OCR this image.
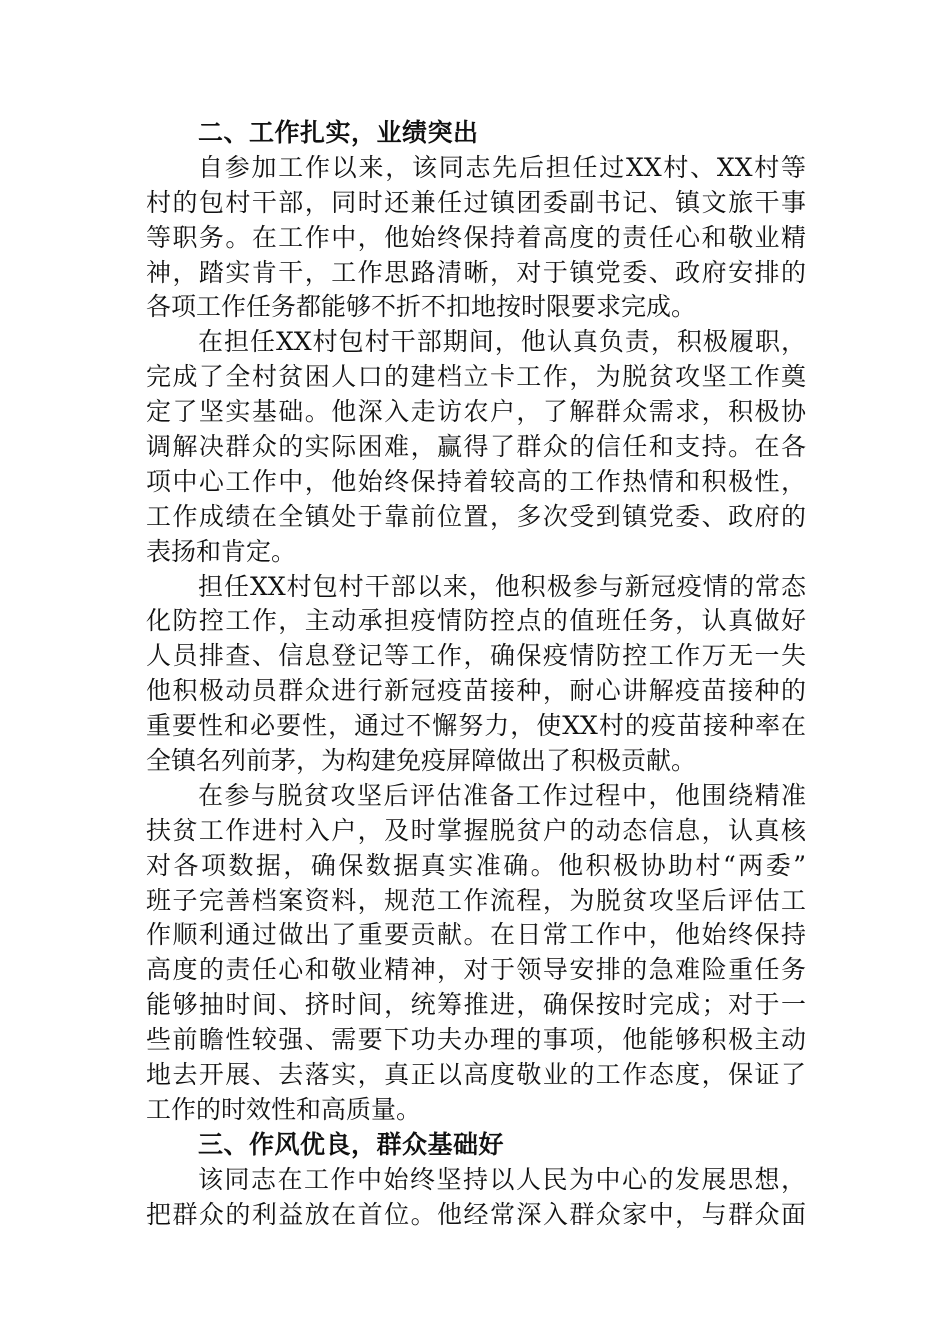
二、工作扎实，业绩突出
自参加工作以来，该同志先后担任过XX村、XX村等
村的包村干部，同时还兼任过镇团委副书记、镇文旅干事
等职务。在工作中，他始终保持着高度的责任心和敬业精
神，踏实肯干，工作思路清晰，对于镇党委、政府安排的
各项工作任务都能够不折不扣地按时限要求完成。
在担任XX村包村干部期间，他认真负责，积极履职，
完成了全村贫困人口的建档立卡工作，为脱贫攻坚工作奠
定了坚实基础。他深入走访农户，了解群众需求，积极协
调解决群众的实际困难，赢得了群众的信任和支持。在各
项中心工作中，他始终保持着较高的工作热情和积极性，
工作成绩在全镇处于靠前位置，多次受到镇党委、政府的
表扬和肯定。
担任XX村包村干部以来，他积极参与新冠疫情的常态
化防控工作，主动承担疫情防控点的值班任务，认真做好
人员排查、信息登记等工作，确保疫情防控工作万无一失
他积极动员群众进行新冠疫苗接种，耐心讲解疫苗接种的
重要性和必要性，通过不懈努力，使XX村的疫苗接种率在
全镇名列前茅，为构建免疫屏障做出了积极贡献。
在参与脱贫攻坚后评估准备工作过程中，他围绕精准
扶贫工作进村入户，及时掌握脱贫户的动态信息，认真核
对各项数据，确保数据真实准确。他积极协助村“两委”
班子完善档案资料，规范工作流程，为脱贫攻坚后评估工
作顺利通过做出了重要贡献。在日常工作中，他始终保持
高度的责任心和敬业精神，对于领导安排的急难险重任务
能够抽时间、挤时间，统筹推进，确保按时完成；对于一
些前瞻性较强、需要下功夫办理的事项，他能够积极主动
地去开展、去落实，真正以高度敬业的工作态度，保证了
工作的时效性和高质量。
三、作风优良，群众基础好
该同志在工作中始终坚持以人民为中心的发展思想，
把群众的利益放在首位。他经常深入群众家中，与群众面
